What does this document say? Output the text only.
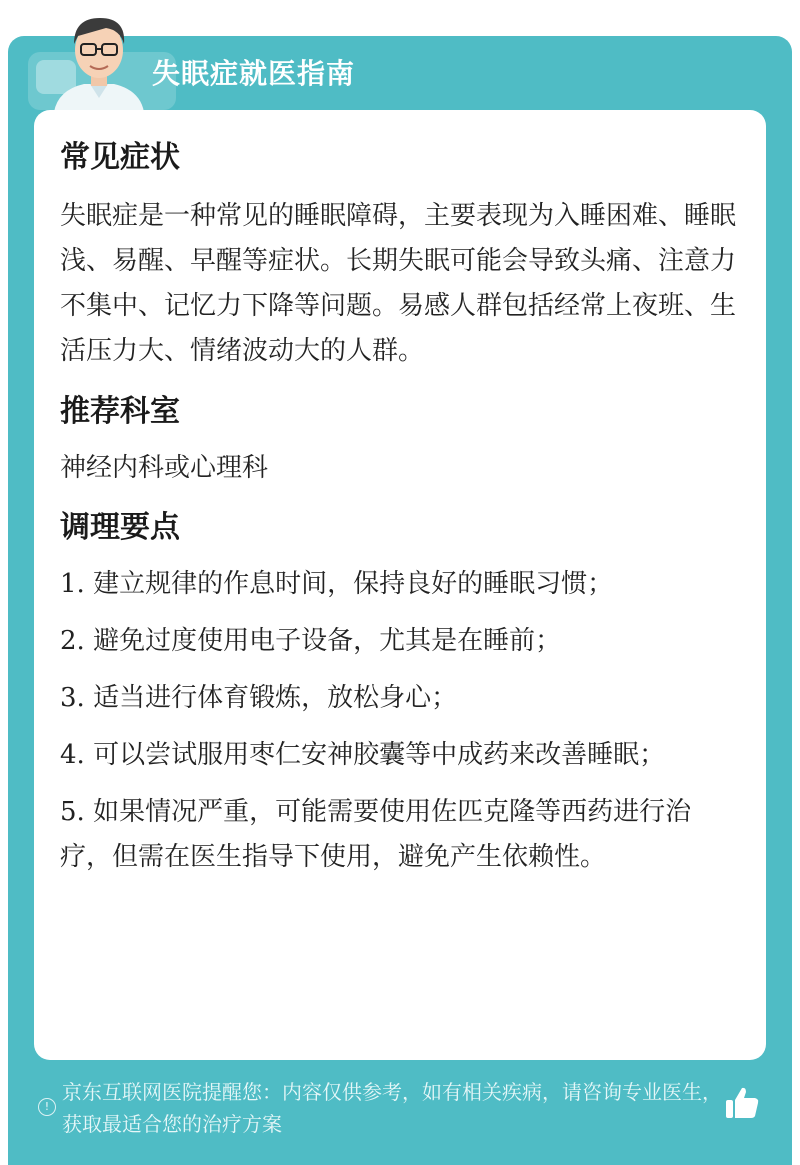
失眠症就医指南
常见症状

失眠症是一种常见的睡眠障碍，主要表现为入睡困难、睡眠浅、易醒、早醒等症状。长期失眠可能会导致头痛、注意力不集中、记忆力下降等问题。易感人群包括经常上夜班、生活压力大、情绪波动大的人群。

推荐科室

神经内科或心理科

调理要点
1. 建立规律的作息时间，保持良好的睡眠习惯；
2. 避免过度使用电子设备，尤其是在睡前；
3. 适当进行体育锻炼，放松身心；
4. 可以尝试服用枣仁安神胶囊等中成药来改善睡眠；
5. 如果情况严重，可能需要使用佐匹克隆等西药进行治疗，但需在医生指导下使用，避免产生依赖性。
!
京东互联网医院提醒您：内容仅供参考，如有相关疾病，请咨询专业医生，获取最适合您的治疗方案
